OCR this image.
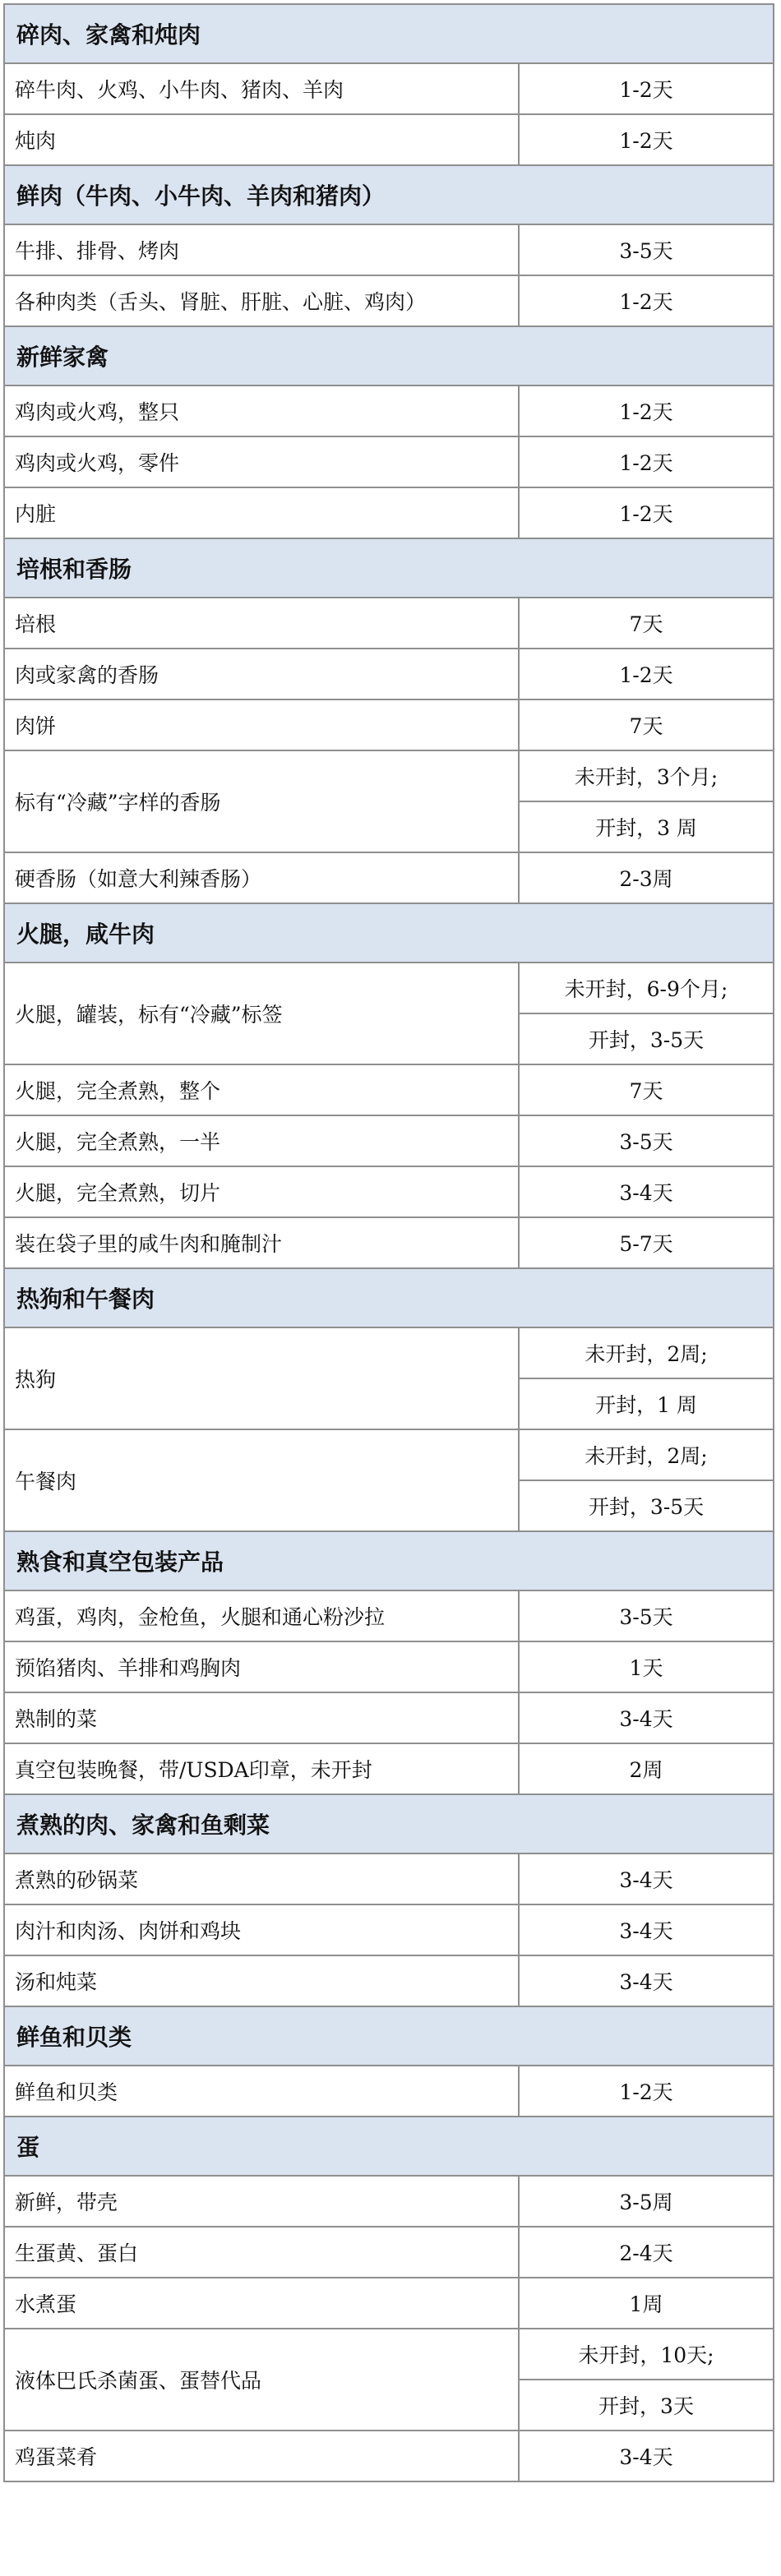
碎肉、家禽和炖肉	
碎牛肉、火鸡、小牛肉、猪肉、羊肉	1-2天
炖肉	1-2天
鲜肉（牛肉、小牛肉、羊肉和猪肉）	
牛排、排骨、烤肉	3-5天
各种肉类（舌头、肾脏、肝脏、心脏、鸡肉）	1-2天
新鲜家禽	
鸡肉或火鸡，整只	1-2天
鸡肉或火鸡，零件	1-2天
内脏	1-2天
培根和香肠	
培根	7天
肉或家禽的香肠	1-2天
肉饼	7天
标有“冷藏”字样的香肠	未开封，3个月;
	开封，3 周
硬香肠（如意大利辣香肠）	2-3周
火腿，咸牛肉	
火腿，罐装，标有“冷藏”标签	未开封，6-9个月;
	开封，3-5天
火腿，完全煮熟，整个	7天
火腿，完全煮熟，一半	3-5天
火腿，完全煮熟，切片	3-4天
装在袋子里的咸牛肉和腌制汁	5-7天
热狗和午餐肉	
热狗	未开封，2周;
	开封，1 周
午餐肉	未开封，2周;
	开封，3-5天
熟食和真空包装产品	
鸡蛋，鸡肉，金枪鱼，火腿和通心粉沙拉	3-5天
预馅猪肉、羊排和鸡胸肉	1天
熟制的菜	3-4天
真空包装晚餐，带/USDA印章，未开封	2周
煮熟的肉、家禽和鱼剩菜	
煮熟的砂锅菜	3-4天
肉汁和肉汤、肉饼和鸡块	3-4天
汤和炖菜	3-4天
鲜鱼和贝类	
鲜鱼和贝类	1-2天
蛋	
新鲜，带壳	3-5周
生蛋黄、蛋白	2-4天
水煮蛋	1周
液体巴氏杀菌蛋、蛋替代品	未开封，10天;
	开封，3天
鸡蛋菜肴	3-4天
